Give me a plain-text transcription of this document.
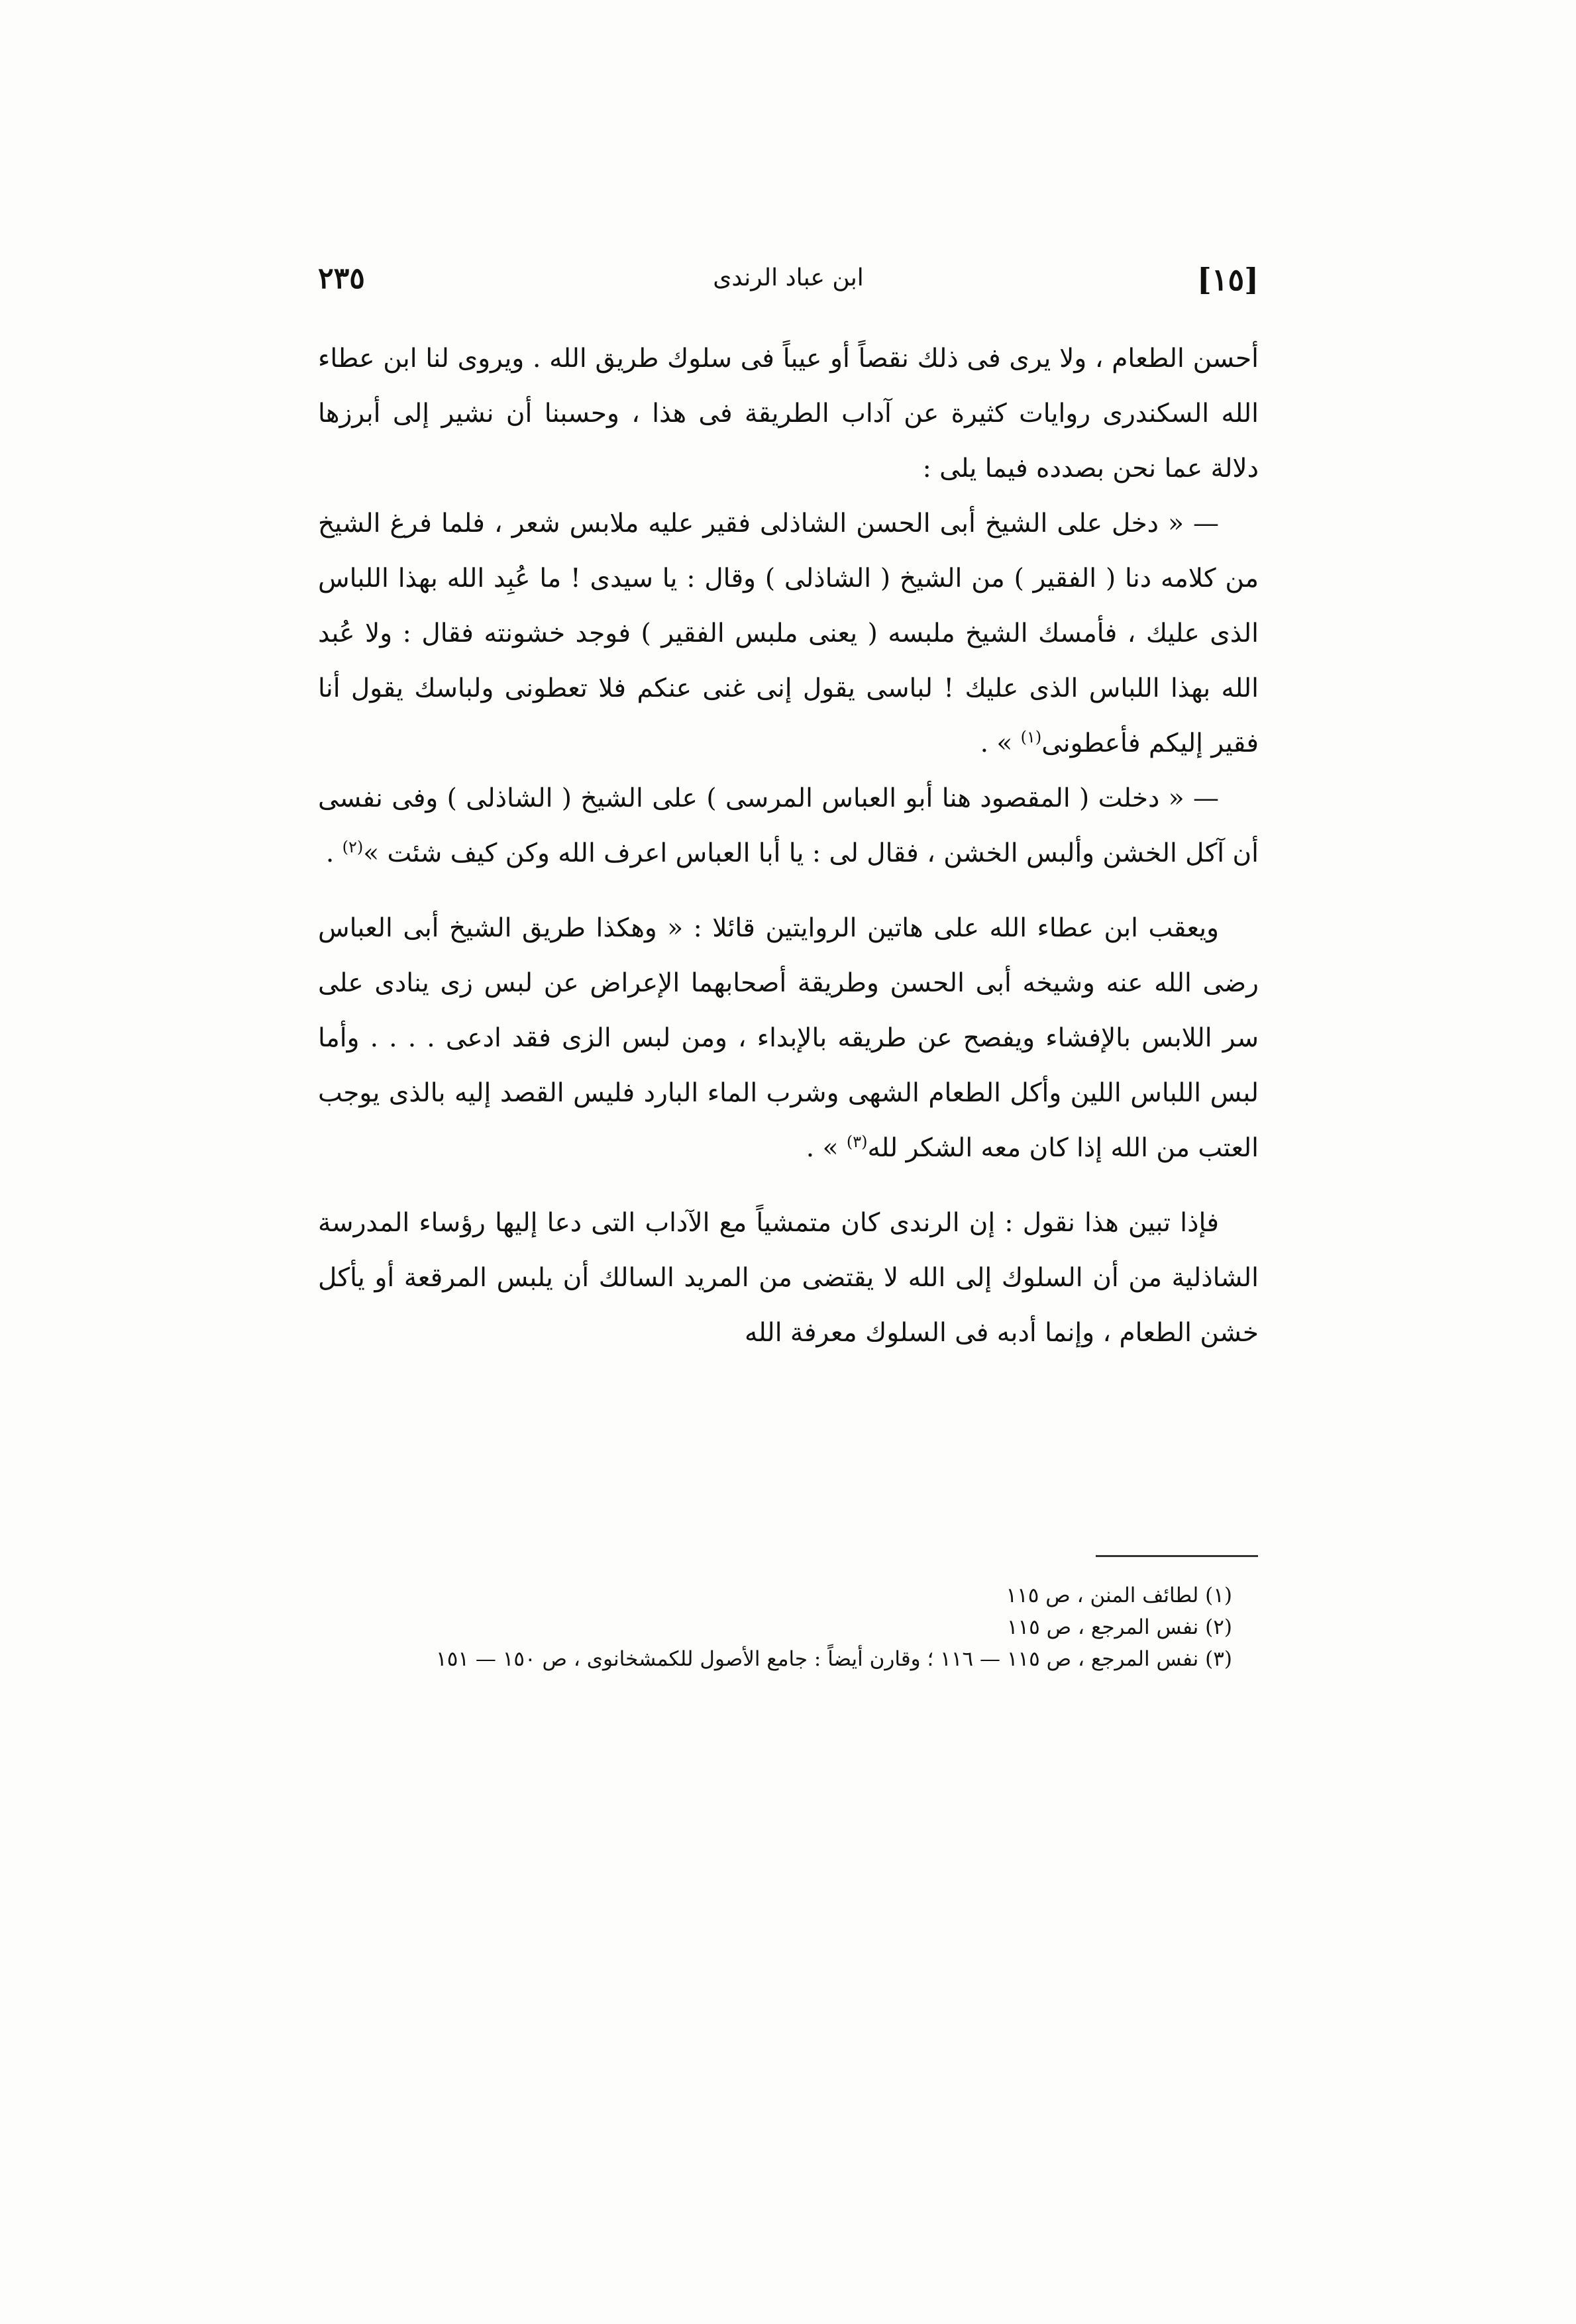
[١٥]
ابن عباد الرندى
٢٣٥

أحسن الطعام ، ولا يرى فى ذلك نقصاً أو عيباً فى سلوك طريق الله . ويروى لنا ابن عطاء الله السكندرى روايات كثيرة عن آداب الطريقة فى هذا ، وحسبنا أن نشير إلى أبرزها دلالة عما نحن بصدده فيما يلى :

— « دخل على الشيخ أبى الحسن الشاذلى فقير عليه ملابس شعر ، فلما فرغ الشيخ من كلامه دنا ( الفقير ) من الشيخ ( الشاذلى ) وقال : يا سيدى ! ما عُبِد الله بهذا اللباس الذى عليك ، فأمسك الشيخ ملبسه ( يعنى ملبس الفقير ) فوجد خشونته فقال : ولا عُبد الله بهذا اللباس الذى عليك ! لباسى يقول إنى غنى عنكم فلا تعطونى ولباسك يقول أنا فقير إليكم فأعطونى$^{(١)}$ » .

— « دخلت ( المقصود هنا أبو العباس المرسى ) على الشيخ ( الشاذلى ) وفى نفسى أن آكل الخشن وألبس الخشن ، فقال لى : يا أبا العباس اعرف الله وكن كيف شئت »$^{(٢)}$ .

ويعقب ابن عطاء الله على هاتين الروايتين قائلا : « وهكذا طريق الشيخ أبى العباس رضى الله عنه وشيخه أبى الحسن وطريقة أصحابهما الإعراض عن لبس زى ينادى على سر اللابس بالإفشاء ويفصح عن طريقه بالإبداء ، ومن لبس الزى فقد ادعى . . . . وأما لبس اللباس اللين وأكل الطعام الشهى وشرب الماء البارد فليس القصد إليه بالذى يوجب العتب من الله إذا كان معه الشكر لله$^{(٣)}$ » .

فإذا تبين هذا نقول : إن الرندى كان متمشياً مع الآداب التى دعا إليها رؤساء المدرسة الشاذلية من أن السلوك إلى الله لا يقتضى من المريد السالك أن يلبس المرقعة أو يأكل خشن الطعام ، وإنما أدبه فى السلوك معرفة الله

(١) لطائف المنن ، ص ١١٥

(٢) نفس المرجع ، ص ١١٥

(٣) نفس المرجع ، ص ١١٥ — ١١٦ ؛ وقارن أيضاً : جامع الأصول للكمشخانوى ، ص ١٥٠ — ١٥١
